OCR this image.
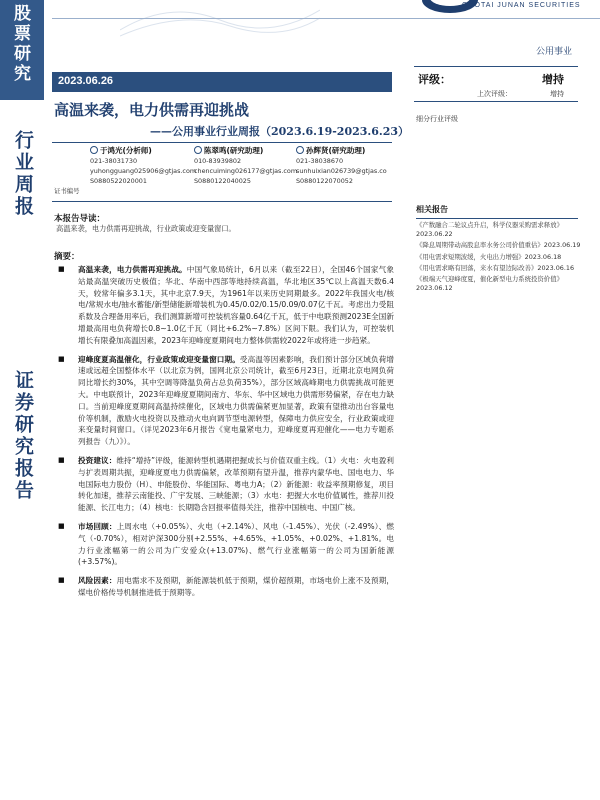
股票研究
行业周报
证券研究报告
GUOTAI JUNAN SECURITIES
公用事业
2023.06.26
高温来袭，电力供需再迎挑战
——公用事业行业周报（2023.6.19-2023.6.23）
于鸿光(分析师)
021-38031730
yuhongguang025906@gtjas.com
S0880522020001
陈翠鸣(研究助理)
010-83939802
chencuiming026177@gtjas.com
S0880122040025
孙辉贤(研究助理)
021-38038670
sunhuixian026739@gtjas.co
S0880122070052
证书编号
本报告导读：
高温来袭，电力供需再迎挑战，行业政策或迎变量窗口。
摘要：
■ 高温来袭，电力供需再迎挑战。中国气象局统计，6月以来（截至22日），全国46个国家气象站最高温突破历史极值；华北、华南中西部等地持续高温，华北地区35℃以上高温天数6.4天，较常年偏多3.1天，其中北京7.9天，为1961年以来历史同期最多。2022年我国火电/核电/常规水电/抽水蓄能/新型储能新增装机为0.45/0.02/0.15/0.09/0.07亿千瓦。考虑出力受阻系数及合理备用率后，我们测算新增可控装机容量0.64亿千瓦，低于中电联预测2023E全国新增最高用电负荷增长0.8~1.0亿千瓦（同比+6.2%~7.8%）区间下限。我们认为，可控装机增长有限叠加高温因素，2023年迎峰度夏期间电力整体供需较2022年或将进一步趋紧。
■ 迎峰度夏高温催化，行业政策或迎变量窗口期。受高温等因素影响，我们预计部分区域负荷增速或远超全国整体水平（以北京为例，国网北京公司统计，截至6月23日，近期北京电网负荷同比增长约30%，其中空调等降温负荷占总负荷35%），部分区域高峰期电力供需挑战可能更大。中电联预计，2023年迎峰度夏期间南方、华东、华中区域电力供需形势偏紧，存在电力缺口。当前迎峰度夏期间高温持续催化，区域电力供需偏紧更加显著，政策有望推动出台容量电价等机制，激励火电投资以及推动火电向调节型电源转型，保障电力供应安全，行业政策或迎来变量时间窗口。（详见2023年6月报告《宽电量紧电力，迎峰度夏再迎催化——电力专题系列报告（九）》）。
■ 投资建议：维持“增持”评级，能源转型机遇期把握成长与价值双重主线。（1）火电：火电盈利与扩表周期共振，迎峰度夏电力供需偏紧，改革预期有望升温，推荐内蒙华电、国电电力、华电国际电力股份（H）、申能股份、华能国际、粤电力A；（2）新能源：收益率预期修复，项目转化加速，推荐云南能投、广宇发展、三峡能源；（3）水电：把握大水电价值属性，推荐川投能源、长江电力；（4）核电：长期隐含回报率值得关注，推荐中国核电、中国广核。
■ 市场回顾：上周水电（+0.05%）、火电（+2.14%）、风电（-1.45%）、光伏（-2.49%）、燃气（-0.70%），相对沪深300分别+2.55%、+4.65%、+1.05%、+0.02%、+1.81%。电力行业涨幅第一的公司为广安爱众(+13.07%)、燃气行业涨幅第一的公司为国新能源(+3.57%)。
■ 风险因素：用电需求不及预期，新能源装机低于预期，煤价超预期，市场电价上涨不及预期，煤电价格传导机制推进低于预期等。
评级：	增持
上次评级：	增持
细分行业评级
相关报告
《产数融合二轮议点升启，科学仪器采购需求释放》2023.06.22
《降息周期带动高股息率水务公司价值重估》2023.06.19
《用电需求短期波缓，火电出力增强》2023.06.18
《用电需求略有回落，来水有望边际改善》2023.06.16
《极端天气迎峰度夏，催化新型电力系统投资价值》2023.06.12
